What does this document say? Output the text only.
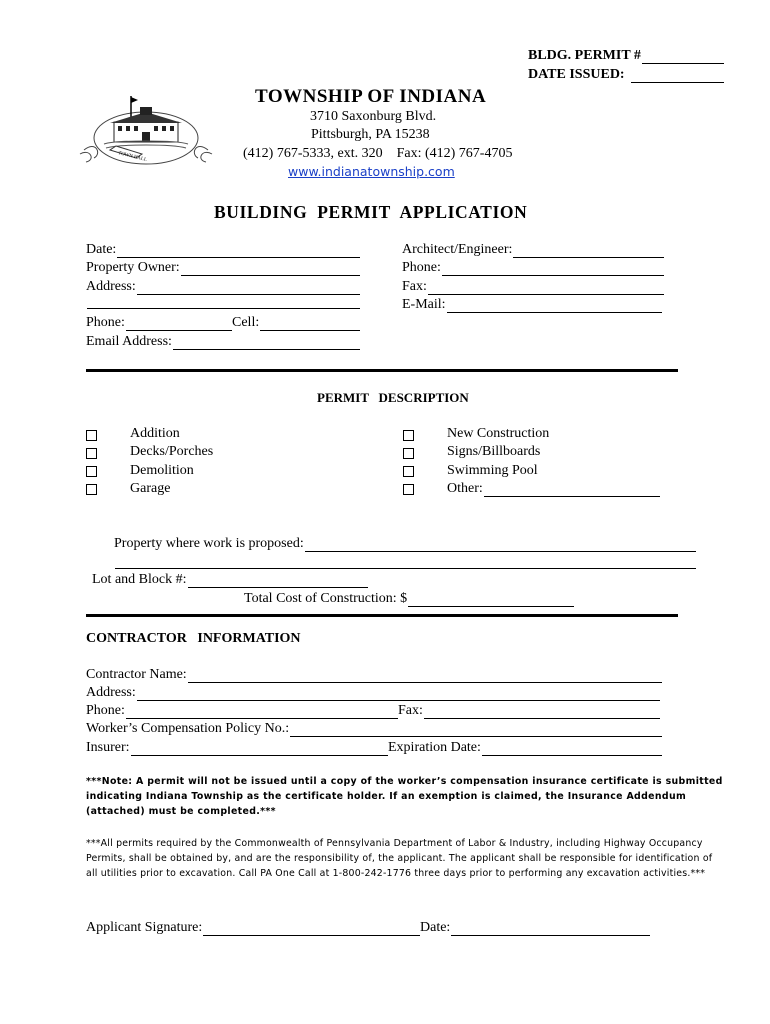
BLDG. PERMIT #
DATE ISSUED:
TOWN HALL
TOWNSHIP OF INDIANA
3710 Saxonburg Blvd.
Pittsburgh, PA 15238
(412) 767-5333, ext. 320    Fax: (412) 767-4705
www.indianatownship.com
BUILDING  PERMIT  APPLICATION
Date:
Property Owner:
Address:
Phone:	Cell:
Email Address:
Architect/Engineer:
Phone:
Fax:
E-Mail:
PERMIT   DESCRIPTION
Addition
Decks/Porches
Demolition
Garage
New Construction
Signs/Billboards
Swimming Pool
Other:
Property where work is proposed:
Lot and Block #:
Total Cost of Construction: $
CONTRACTOR   INFORMATION
Contractor Name:
Address:
Phone:	Fax:
Worker’s Compensation Policy No.:
Insurer:	Expiration Date:
***Note: A permit will not be issued until a copy of the worker’s compensation insurance certificate is submitted indicating Indiana Township as the certificate holder. If an exemption is claimed, the Insurance Addendum (attached) must be completed.***
***All permits required by the Commonwealth of Pennsylvania Department of Labor & Industry, including Highway Occupancy Permits, shall be obtained by, and are the responsibility of, the applicant. The applicant shall be responsible for identification of all utilities prior to excavation. Call PA One Call at 1-800-242-1776 three days prior to performing any excavation activities.***
Applicant Signature:	Date:
